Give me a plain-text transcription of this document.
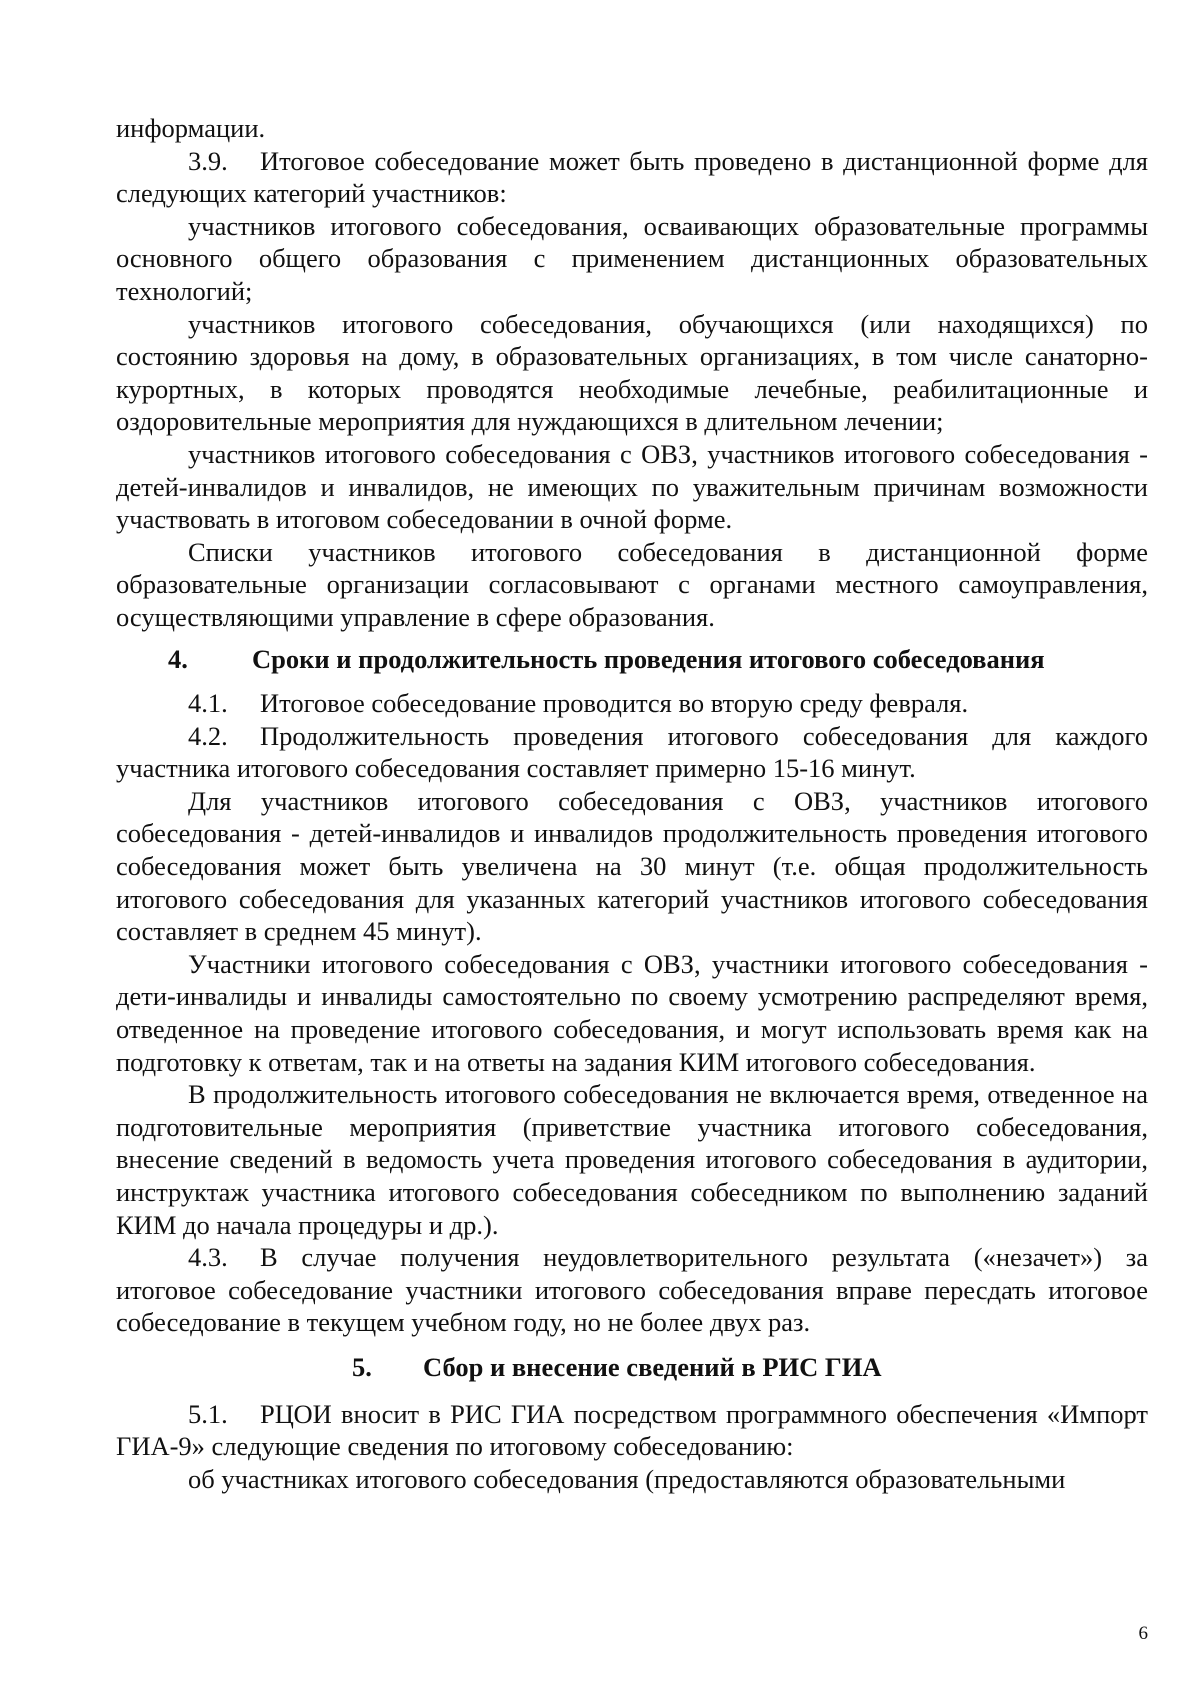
информации.

3.9. Итоговое собеседование может быть проведено в дистанционной форме для следующих категорий участников:

участников итогового собеседования, осваивающих образовательные программы основного общего образования с применением дистанционных образовательных технологий;

участников итогового собеседования, обучающихся (или находящихся) по состоянию здоровья на дому, в образовательных организациях, в том числе санаторно-курортных, в которых проводятся необходимые лечебные, реабилитационные и оздоровительные мероприятия для нуждающихся в длительном лечении;

участников итогового собеседования с ОВЗ, участников итогового собеседования - детей-инвалидов и инвалидов, не имеющих по уважительным причинам возможности участвовать в итоговом собеседовании в очной форме.

Списки участников итогового собеседования в дистанционной форме образовательные организации согласовывают с органами местного самоуправления, осуществляющими управление в сфере образования.

4. Сроки и продолжительность проведения итогового собеседования

4.1. Итоговое собеседование проводится во вторую среду февраля.

4.2. Продолжительность проведения итогового собеседования для каждого участника итогового собеседования составляет примерно 15-16 минут.

Для участников итогового собеседования с ОВЗ, участников итогового собеседования - детей-инвалидов и инвалидов продолжительность проведения итогового собеседования может быть увеличена на 30 минут (т.е. общая продолжительность итогового собеседования для указанных категорий участников итогового собеседования составляет в среднем 45 минут).

Участники итогового собеседования с ОВЗ, участники итогового собеседования - дети-инвалиды и инвалиды самостоятельно по своему усмотрению распределяют время, отведенное на проведение итогового собеседования, и могут использовать время как на подготовку к ответам, так и на ответы на задания КИМ итогового собеседования.

В продолжительность итогового собеседования не включается время, отведенное на подготовительные мероприятия (приветствие участника итогового собеседования, внесение сведений в ведомость учета проведения итогового собеседования в аудитории, инструктаж участника итогового собеседования собеседником по выполнению заданий КИМ до начала процедуры и др.).

4.3. В случае получения неудовлетворительного результата («незачет») за итоговое собеседование участники итогового собеседования вправе пересдать итоговое собеседование в текущем учебном году, но не более двух раз.

5. Сбор и внесение сведений в РИС ГИА

5.1. РЦОИ вносит в РИС ГИА посредством программного обеспечения «Импорт ГИА-9» следующие сведения по итоговому собеседованию:

об участниках итогового собеседования (предоставляются образовательными

6
